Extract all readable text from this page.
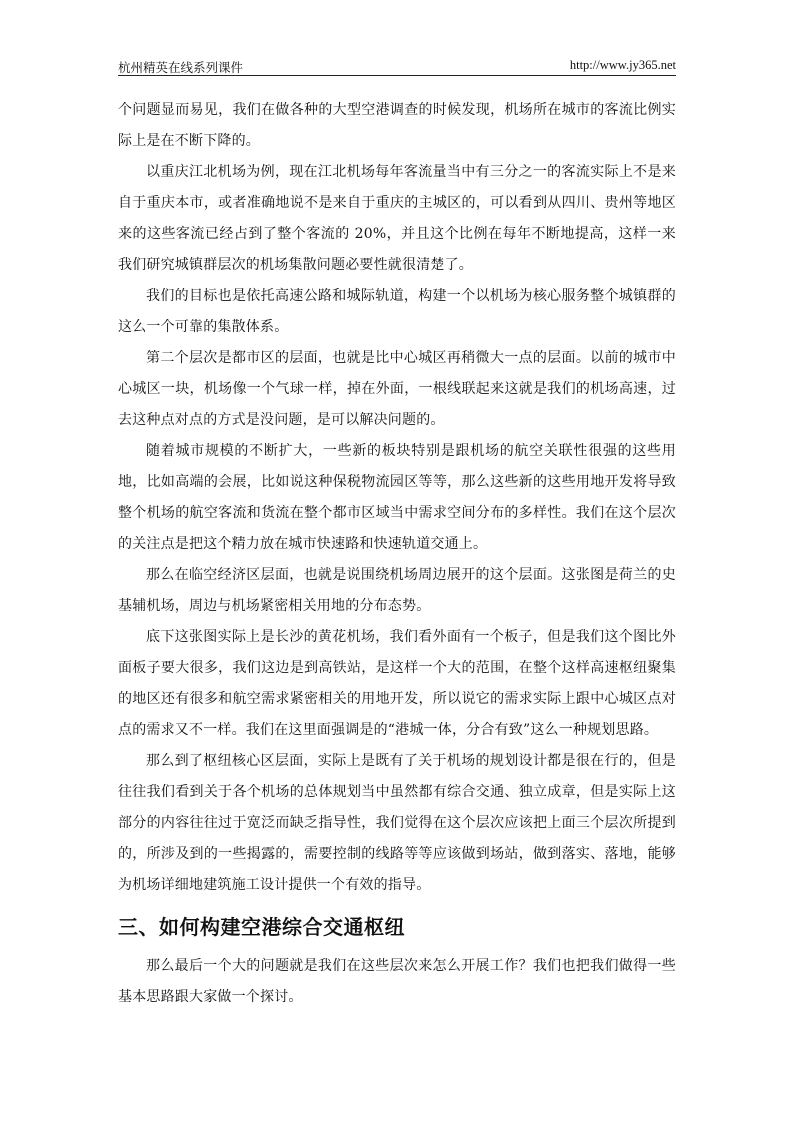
杭州精英在线系列课件	http://www.jy365.net

个问题显而易见，我们在做各种的大型空港调查的时候发现，机场所在城市的客流比例实际上是在不断下降的。

以重庆江北机场为例，现在江北机场每年客流量当中有三分之一的客流实际上不是来自于重庆本市，或者准确地说不是来自于重庆的主城区的，可以看到从四川、贵州等地区来的这些客流已经占到了整个客流的 20%，并且这个比例在每年不断地提高，这样一来我们研究城镇群层次的机场集散问题必要性就很清楚了。

我们的目标也是依托高速公路和城际轨道，构建一个以机场为核心服务整个城镇群的这么一个可靠的集散体系。

第二个层次是都市区的层面，也就是比中心城区再稍微大一点的层面。以前的城市中心城区一块，机场像一个气球一样，掉在外面，一根线联起来这就是我们的机场高速，过去这种点对点的方式是没问题，是可以解决问题的。

随着城市规模的不断扩大，一些新的板块特别是跟机场的航空关联性很强的这些用地，比如高端的会展，比如说这种保税物流园区等等，那么这些新的这些用地开发将导致整个机场的航空客流和货流在整个都市区域当中需求空间分布的多样性。我们在这个层次的关注点是把这个精力放在城市快速路和快速轨道交通上。

那么在临空经济区层面，也就是说围绕机场周边展开的这个层面。这张图是荷兰的史基辅机场，周边与机场紧密相关用地的分布态势。

底下这张图实际上是长沙的黄花机场，我们看外面有一个板子，但是我们这个图比外面板子要大很多，我们这边是到高铁站，是这样一个大的范围，在整个这样高速枢纽聚集的地区还有很多和航空需求紧密相关的用地开发，所以说它的需求实际上跟中心城区点对点的需求又不一样。我们在这里面强调是的“港城一体，分合有致”这么一种规划思路。

那么到了枢纽核心区层面，实际上是既有了关于机场的规划设计都是很在行的，但是往往我们看到关于各个机场的总体规划当中虽然都有综合交通、独立成章，但是实际上这部分的内容往往过于宽泛而缺乏指导性，我们觉得在这个层次应该把上面三个层次所提到的，所涉及到的一些揭露的，需要控制的线路等等应该做到场站，做到落实、落地，能够为机场详细地建筑施工设计提供一个有效的指导。

三、如何构建空港综合交通枢纽

那么最后一个大的问题就是我们在这些层次来怎么开展工作？我们也把我们做得一些基本思路跟大家做一个探讨。
